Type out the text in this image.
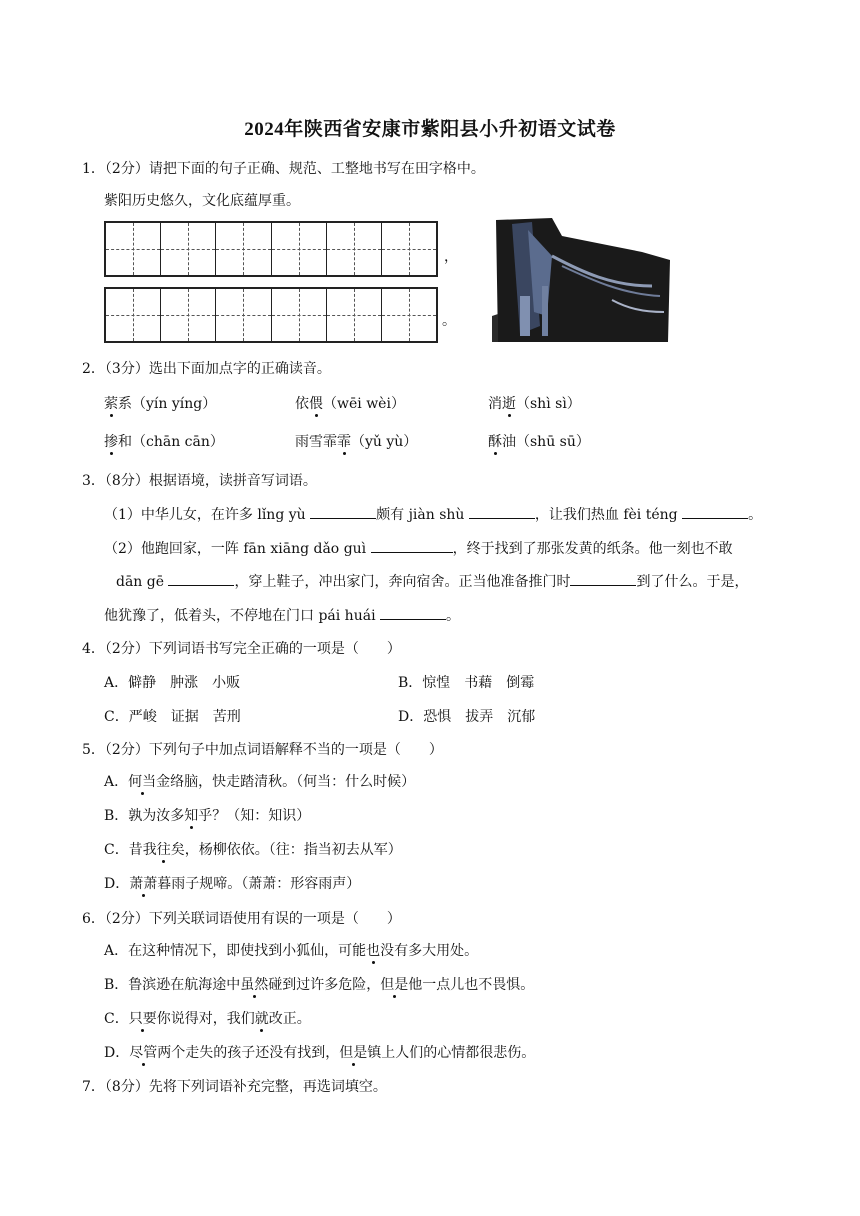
2024年陕西省安康市紫阳县小升初语文试卷
1．（2分）请把下面的句子正确、规范、工整地书写在田字格中。
紫阳历史悠久，文化底蕴厚重。
，
。
2．（3分）选出下面加点字的正确读音。
萦系（yín yíng）	依偎（wēi wèi）	消逝（shì sì）
掺和（chān cān）	雨雪霏霏（yǔ yù）	酥油（shū sū）
3．（8分）根据语境，读拼音写词语。
（1）中华儿女，在许多 lǐng yù	颇有 jiàn shù	，让我们热血 fèi téng	。
（2）他跑回家，一阵 fān xiāng dǎo guì	，终于找到了那张发黄的纸条。他一刻也不敢
dān gē	，穿上鞋子，冲出家门，奔向宿舍。正当他准备推门时	到了什么。于是，
他犹豫了，低着头，不停地在门口 pái huái	。
4．（2分）下列词语书写完全正确的一项是（　　）
A．僻静　肿涨　小贩	B．惊惶　书藉　倒霉
C．严峻　证据　苦刑	D．恐惧　拔弄　沉郁
5．（2分）下列句子中加点词语解释不当的一项是（　　）
A．何当金络脑，快走踏清秋。（何当：什么时候）
B．孰为汝多知乎？（知：知识）
C．昔我往矣，杨柳依依。（往：指当初去从军）
D．萧萧暮雨子规啼。（萧萧：形容雨声）
6．（2分）下列关联词语使用有误的一项是（　　）
A．在这种情况下，即使找到小狐仙，可能也没有多大用处。
B．鲁滨逊在航海途中虽然碰到过许多危险，但是他一点儿也不畏惧。
C．只要你说得对，我们就改正。
D．尽管两个走失的孩子还没有找到，但是镇上人们的心情都很悲伤。
7．（8分）先将下列词语补充完整，再选词填空。
